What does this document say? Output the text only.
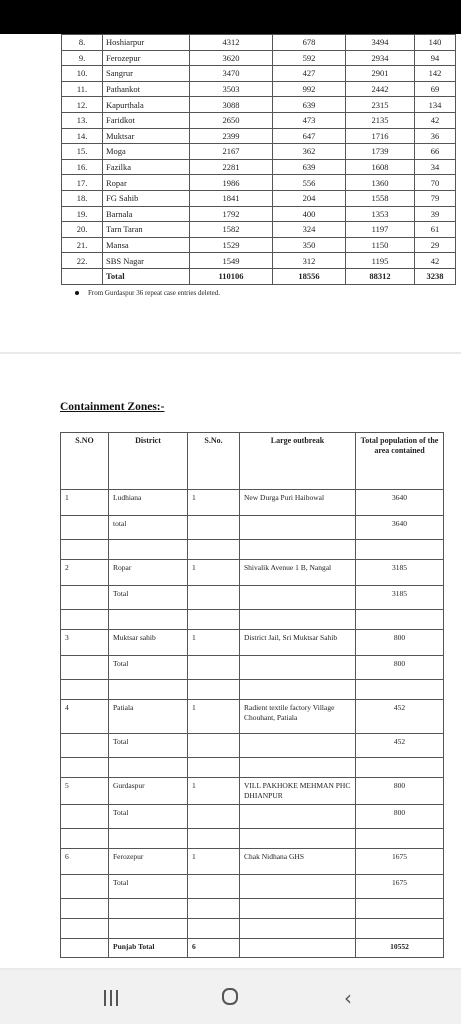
8.	Hoshiarpur	4312	678	3494	140
9.	Ferozepur	3620	592	2934	94
10.	Sangrur	3470	427	2901	142
11.	Pathankot	3503	992	2442	69
12.	Kapurthala	3088	639	2315	134
13.	Faridkot	2650	473	2135	42
14.	Muktsar	2399	647	1716	36
15.	Moga	2167	362	1739	66
16.	Fazilka	2281	639	1608	34
17.	Ropar	1986	556	1360	70
18.	FG Sahib	1841	204	1558	79
19.	Barnala	1792	400	1353	39
20.	Tarn Taran	1582	324	1197	61
21.	Mansa	1529	350	1150	29
22.	SBS Nagar	1549	312	1195	42
	Total	110106	18556	88312	3238
From Gurdaspur 36 repeat case entries deleted.
Containment Zones:-
S.NO	District	S.No.	Large outbreak	Total population of the area contained
1	Ludhiana	1	New Durga Puri Haibowal	3640
	total			3640

2	Ropar	1	Shivalik Avenue 1 B, Nangal	3185
	Total			3185

3	Muktsar sahib	1	District Jail, Sri Muktsar Sahib	800
	Total			800

4	Patiala	1	Radient textile factory Village Chouhant, Patiala	452
	Total			452

5	Gurdaspur	1	VILL PAKHOKE MEHMAN PHC DHIANPUR	800
	Total			800

6	Ferozepur	1	Chak Nidhana GHS	1675
	Total			1675

	Punjab Total	6		10552
‹
